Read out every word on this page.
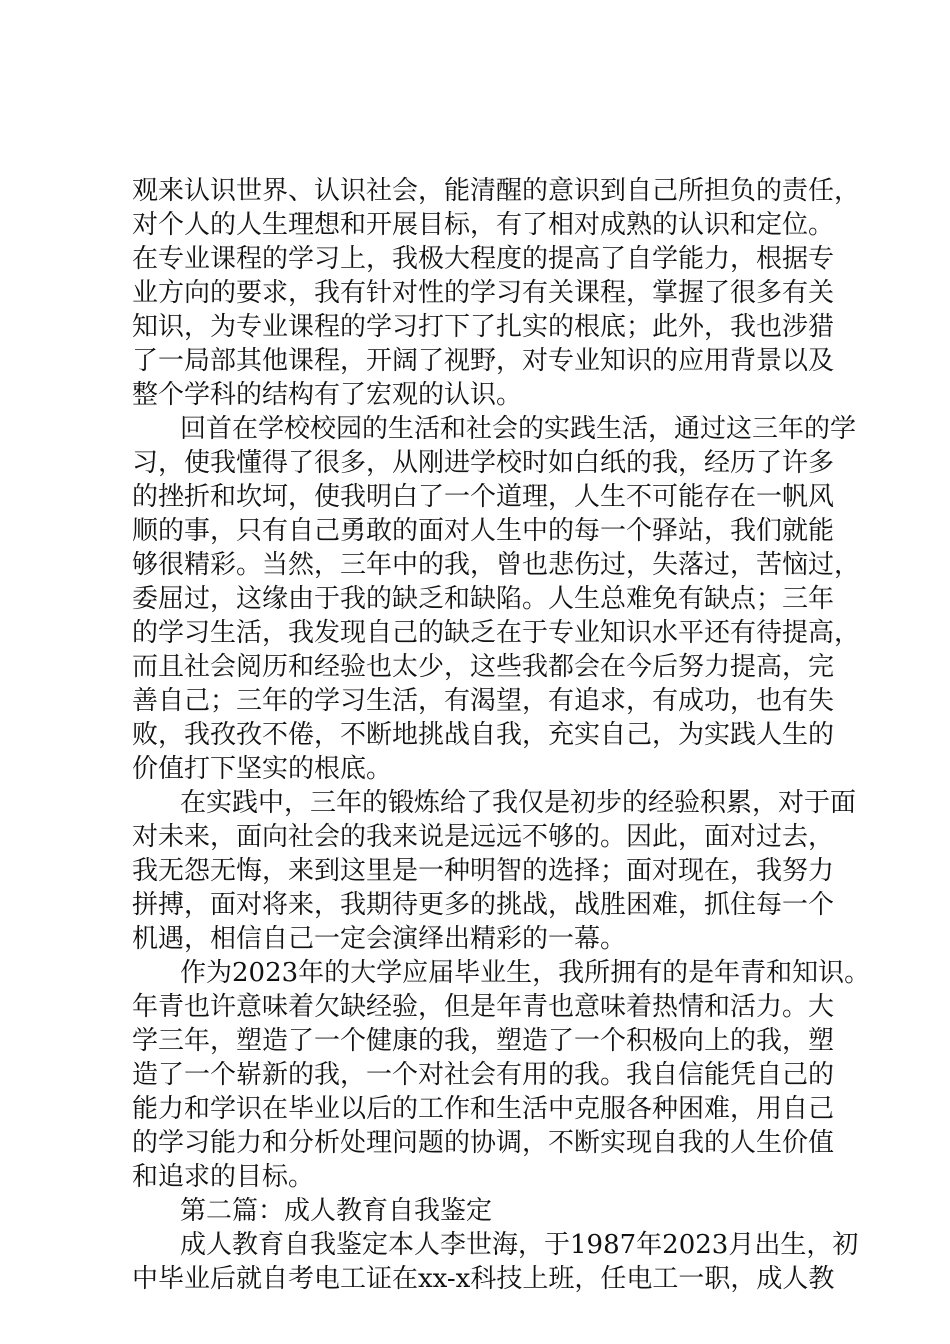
观来认识世界、认识社会，能清醒的意识到自己所担负的责任，
对个人的人生理想和开展目标，有了相对成熟的认识和定位。
在专业课程的学习上，我极大程度的提高了自学能力，根据专
业方向的要求，我有针对性的学习有关课程，掌握了很多有关
知识，为专业课程的学习打下了扎实的根底；此外，我也涉猎
了一局部其他课程，开阔了视野，对专业知识的应用背景以及
整个学科的结构有了宏观的认识。
回首在学校校园的生活和社会的实践生活，通过这三年的学
习，使我懂得了很多，从刚进学校时如白纸的我，经历了许多
的挫折和坎坷，使我明白了一个道理，人生不可能存在一帆风
顺的事，只有自己勇敢的面对人生中的每一个驿站，我们就能
够很精彩。当然，三年中的我，曾也悲伤过，失落过，苦恼过，
委屈过，这缘由于我的缺乏和缺陷。人生总难免有缺点；三年
的学习生活，我发现自己的缺乏在于专业知识水平还有待提高，
而且社会阅历和经验也太少，这些我都会在今后努力提高，完
善自己；三年的学习生活，有渴望，有追求，有成功，也有失
败，我孜孜不倦，不断地挑战自我，充实自己，为实践人生的
价值打下坚实的根底。
在实践中，三年的锻炼给了我仅是初步的经验积累，对于面
对未来，面向社会的我来说是远远不够的。因此，面对过去，
我无怨无悔，来到这里是一种明智的选择；面对现在，我努力
拼搏，面对将来，我期待更多的挑战，战胜困难，抓住每一个
机遇，相信自己一定会演绎出精彩的一幕。
作为2023年的大学应届毕业生，我所拥有的是年青和知识。
年青也许意味着欠缺经验，但是年青也意味着热情和活力。大
学三年，塑造了一个健康的我，塑造了一个积极向上的我，塑
造了一个崭新的我，一个对社会有用的我。我自信能凭自己的
能力和学识在毕业以后的工作和生活中克服各种困难，用自己
的学习能力和分析处理问题的协调，不断实现自我的人生价值
和追求的目标。
第二篇：成人教育自我鉴定
成人教育自我鉴定本人李世海，于1987年2023月出生，初
中毕业后就自考电工证在xx-x科技上班，任电工一职，成人教
